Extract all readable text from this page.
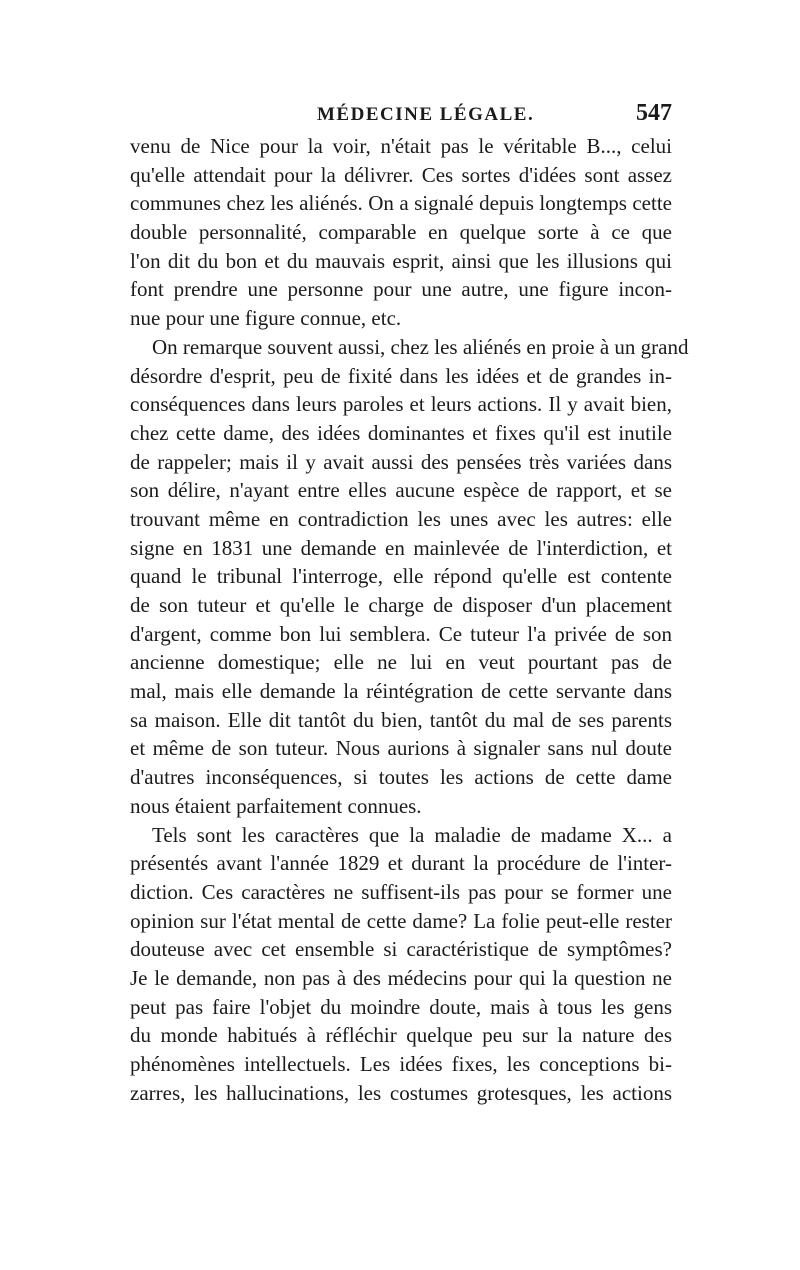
MÉDECINE LÉGALE.	547
venu de Nice pour la voir, n'était pas le véritable B..., celui
qu'elle attendait pour la délivrer. Ces sortes d'idées sont assez
communes chez les aliénés. On a signalé depuis longtemps cette
double personnalité, comparable en quelque sorte à ce que
l'on dit du bon et du mauvais esprit, ainsi que les illusions qui
font prendre une personne pour une autre, une figure incon-
nue pour une figure connue, etc.
On remarque souvent aussi, chez les aliénés en proie à un grand
désordre d'esprit, peu de fixité dans les idées et de grandes in-
conséquences dans leurs paroles et leurs actions. Il y avait bien,
chez cette dame, des idées dominantes et fixes qu'il est inutile
de rappeler; mais il y avait aussi des pensées très variées dans
son délire, n'ayant entre elles aucune espèce de rapport, et se
trouvant même en contradiction les unes avec les autres: elle
signe en 1831 une demande en mainlevée de l'interdiction, et
quand le tribunal l'interroge, elle répond qu'elle est contente
de son tuteur et qu'elle le charge de disposer d'un placement
d'argent, comme bon lui semblera. Ce tuteur l'a privée de son
ancienne domestique; elle ne lui en veut pourtant pas de
mal, mais elle demande la réintégration de cette servante dans
sa maison. Elle dit tantôt du bien, tantôt du mal de ses parents
et même de son tuteur. Nous aurions à signaler sans nul doute
d'autres inconséquences, si toutes les actions de cette dame
nous étaient parfaitement connues.
Tels sont les caractères que la maladie de madame X... a
présentés avant l'année 1829 et durant la procédure de l'inter-
diction. Ces caractères ne suffisent-ils pas pour se former une
opinion sur l'état mental de cette dame? La folie peut-elle rester
douteuse avec cet ensemble si caractéristique de symptômes?
Je le demande, non pas à des médecins pour qui la question ne
peut pas faire l'objet du moindre doute, mais à tous les gens
du monde habitués à réfléchir quelque peu sur la nature des
phénomènes intellectuels. Les idées fixes, les conceptions bi-
zarres, les hallucinations, les costumes grotesques, les actions
